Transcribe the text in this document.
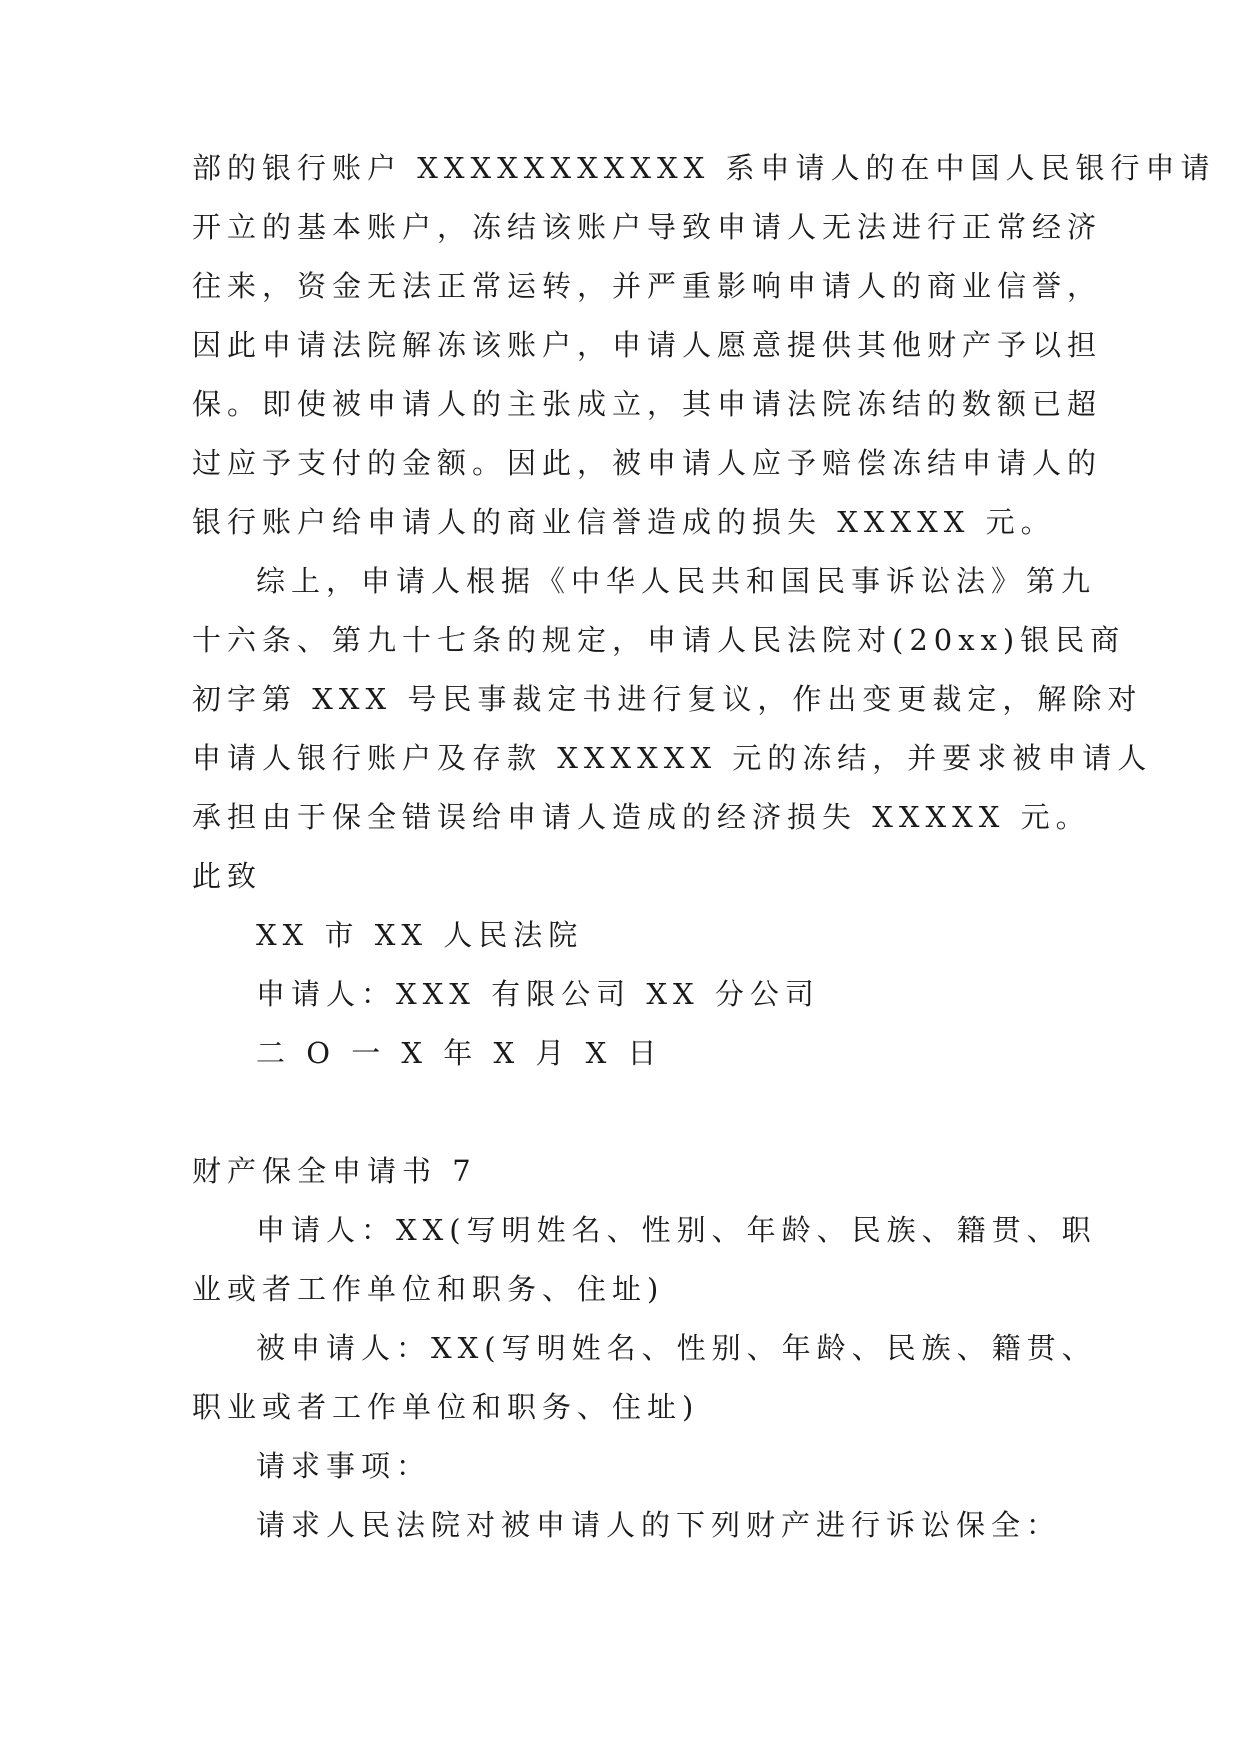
部的银行账户 XXXXXXXXXXX 系申请人的在中国人民银行申请
开立的基本账户，冻结该账户导致申请人无法进行正常经济
往来，资金无法正常运转，并严重影响申请人的商业信誉，
因此申请法院解冻该账户，申请人愿意提供其他财产予以担
保。即使被申请人的主张成立，其申请法院冻结的数额已超
过应予支付的金额。因此，被申请人应予赔偿冻结申请人的
银行账户给申请人的商业信誉造成的损失 XXXXX 元。
综上，申请人根据《中华人民共和国民事诉讼法》第九
十六条、第九十七条的规定，申请人民法院对(20xx)银民商
初字第 XXX 号民事裁定书进行复议，作出变更裁定，解除对
申请人银行账户及存款 XXXXXX 元的冻结，并要求被申请人
承担由于保全错误给申请人造成的经济损失 XXXXX 元。
此致
XX 市 XX 人民法院
申请人：XXX 有限公司 XX 分公司
二 O 一 X 年 X 月 X 日
财产保全申请书 7
申请人：XX(写明姓名、性别、年龄、民族、籍贯、职
业或者工作单位和职务、住址)
被申请人：XX(写明姓名、性别、年龄、民族、籍贯、
职业或者工作单位和职务、住址)
请求事项：
请求人民法院对被申请人的下列财产进行诉讼保全：
